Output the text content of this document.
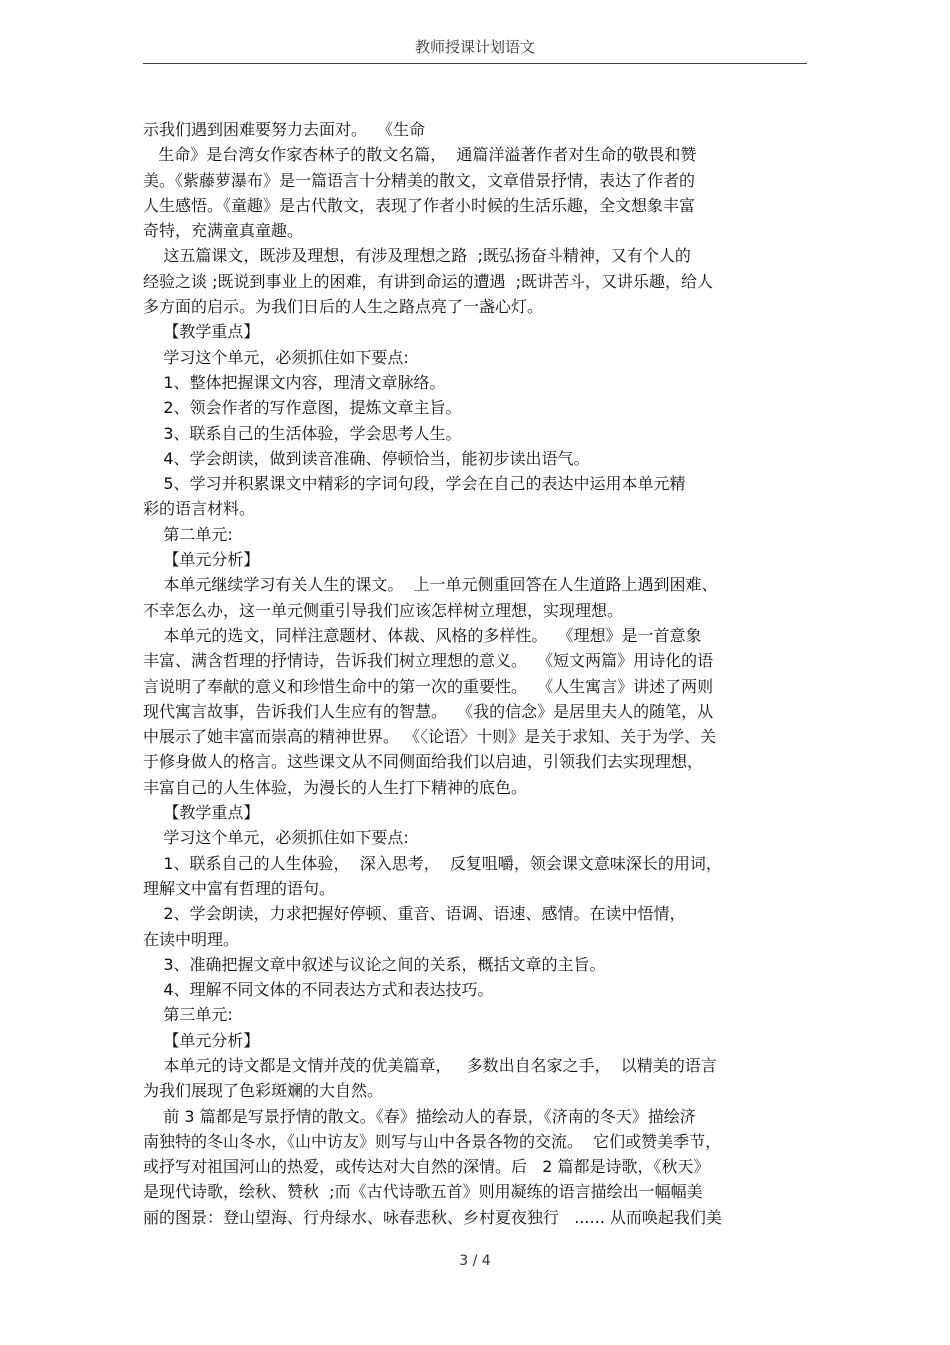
教师授课计划语文
示我们遇到困难要努力去面对。  《生命
生命》是台湾女作家杏林子的散文名篇，  通篇洋溢著作者对生命的敬畏和赞
美。《紫藤萝瀑布》是一篇语言十分精美的散文，文章借景抒情，表达了作者的
人生感悟。《童趣》是古代散文，表现了作者小时候的生活乐趣，全文想象丰富
奇特，充满童真童趣。
这五篇课文，既涉及理想，有涉及理想之路  ;既弘扬奋斗精神，又有个人的
经验之谈 ;既说到事业上的困难，有讲到命运的遭遇  ;既讲苦斗，又讲乐趣，给人
多方面的启示。为我们日后的人生之路点亮了一盏心灯。
【教学重点】
学习这个单元，必须抓住如下要点:
1、整体把握课文内容，理清文章脉络。
2、领会作者的写作意图，提炼文章主旨。
3、联系自己的生活体验，学会思考人生。
4、学会朗读，做到读音准确、停顿恰当，能初步读出语气。
5、学习并积累课文中精彩的字词句段，学会在自己的表达中运用本单元精
彩的语言材料。
第二单元:
【单元分析】
本单元继续学习有关人生的课文。  上一单元侧重回答在人生道路上遇到困难、
不幸怎么办，这一单元侧重引导我们应该怎样树立理想，实现理想。
本单元的选文，同样注意题材、体裁、风格的多样性。  《理想》是一首意象
丰富、满含哲理的抒情诗，告诉我们树立理想的意义。  《短文两篇》用诗化的语
言说明了奉献的意义和珍惜生命中的第一次的重要性。  《人生寓言》讲述了两则
现代寓言故事，告诉我们人生应有的智慧。  《我的信念》是居里夫人的随笔，从
中展示了她丰富而崇高的精神世界。 《〈论语〉十则》是关于求知、关于为学、关
于修身做人的格言。这些课文从不同侧面给我们以启迪，引领我们去实现理想，
丰富自己的人生体验，为漫长的人生打下精神的底色。
【教学重点】
学习这个单元，必须抓住如下要点:
1、联系自己的人生体验，  深入思考，  反复咀嚼，领会课文意味深长的用词，
理解文中富有哲理的语句。
2、学会朗读，力求把握好停顿、重音、语调、语速、感情。在读中悟情，
在读中明理。
3、准确把握文章中叙述与议论之间的关系，概括文章的主旨。
4、理解不同文体的不同表达方式和表达技巧。
第三单元:
【单元分析】
本单元的诗文都是文情并茂的优美篇章，   多数出自名家之手，  以精美的语言
为我们展现了色彩斑斓的大自然。
前 3 篇都是写景抒情的散文。《春》描绘动人的春景，《济南的冬天》描绘济
南独特的冬山冬水，《山中访友》则写与山中各景各物的交流。  它们或赞美季节，
或抒写对祖国河山的热爱，或传达对大自然的深情。后   2 篇都是诗歌，《秋天》
是现代诗歌，绘秋、赞秋  ;而《古代诗歌五首》则用凝练的语言描绘出一幅幅美
丽的图景：登山望海、行舟绿水、咏春悲秋、乡村夏夜独行   ...... 从而唤起我们美
3 / 4
